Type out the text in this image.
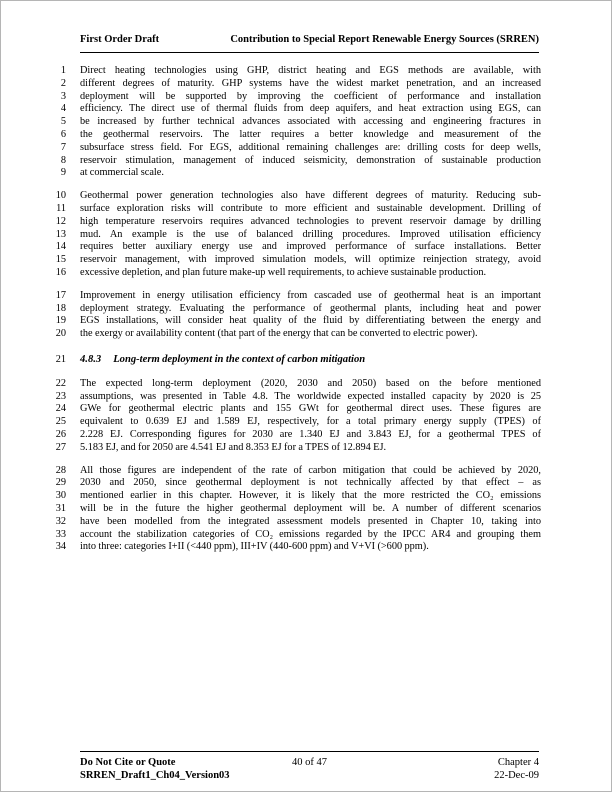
First Order Draft	Contribution to Special Report Renewable Energy Sources (SRREN)
1 Direct heating technologies using GHP, district heating and EGS methods are available, with
2 different degrees of maturity. GHP systems have the widest market penetration, and an increased
3 deployment will be supported by improving the coefficient of performance and installation
4 efficiency. The direct use of thermal fluids from deep aquifers, and heat extraction using EGS, can
5 be increased by further technical advances associated with accessing and engineering fractures in
6 the geothermal reservoirs. The latter requires a better knowledge and measurement of the
7 subsurface stress field. For EGS, additional remaining challenges are: drilling costs for deep wells,
8 reservoir stimulation, management of induced seismicity, demonstration of sustainable production
9 at commercial scale.
10 Geothermal power generation technologies also have different degrees of maturity. Reducing sub-
11 surface exploration risks will contribute to more efficient and sustainable development. Drilling of
12 high temperature reservoirs requires advanced technologies to prevent reservoir damage by drilling
13 mud. An example is the use of balanced drilling procedures. Improved utilisation efficiency
14 requires better auxiliary energy use and improved performance of surface installations. Better
15 reservoir management, with improved simulation models, will optimize reinjection strategy, avoid
16 excessive depletion, and plan future make-up well requirements, to achieve sustainable production.
17 Improvement in energy utilisation efficiency from cascaded use of geothermal heat is an important
18 deployment strategy. Evaluating the performance of geothermal plants, including heat and power
19 EGS installations, will consider heat quality of the fluid by differentiating between the energy and
20 the exergy or availability content (that part of the energy that can be converted to electric power).
21 4.8.3 Long-term deployment in the context of carbon mitigation
22 The expected long-term deployment (2020, 2030 and 2050) based on the before mentioned
23 assumptions, was presented in Table 4.8. The worldwide expected installed capacity by 2020 is 25
24 GWe for geothermal electric plants and 155 GWt for geothermal direct uses. These figures are
25 equivalent to 0.639 EJ and 1.589 EJ, respectively, for a total primary energy supply (TPES) of
26 2.228 EJ. Corresponding figures for 2030 are 1.340 EJ and 3.843 EJ, for a geothermal TPES of
27 5.183 EJ, and for 2050 are 4.541 EJ and 8.353 EJ for a TPES of 12.894 EJ.
28 All those figures are independent of the rate of carbon mitigation that could be achieved by 2020,
29 2030 and 2050, since geothermal deployment is not technically affected by that effect – as
30 mentioned earlier in this chapter. However, it is likely that the more restricted the CO₂ emissions
31 will be in the future the higher geothermal deployment will be. A number of different scenarios
32 have been modelled from the integrated assessment models presented in Chapter 10, taking into
33 account the stabilization categories of CO₂ emissions regarded by the IPCC AR4 and grouping them
34 into three: categories I+II (<440 ppm), III+IV (440-600 ppm) and V+VI (>600 ppm).
Do Not Cite or Quote	40 of 47	Chapter 4
SRREN_Draft1_Ch04_Version03	22-Dec-09
